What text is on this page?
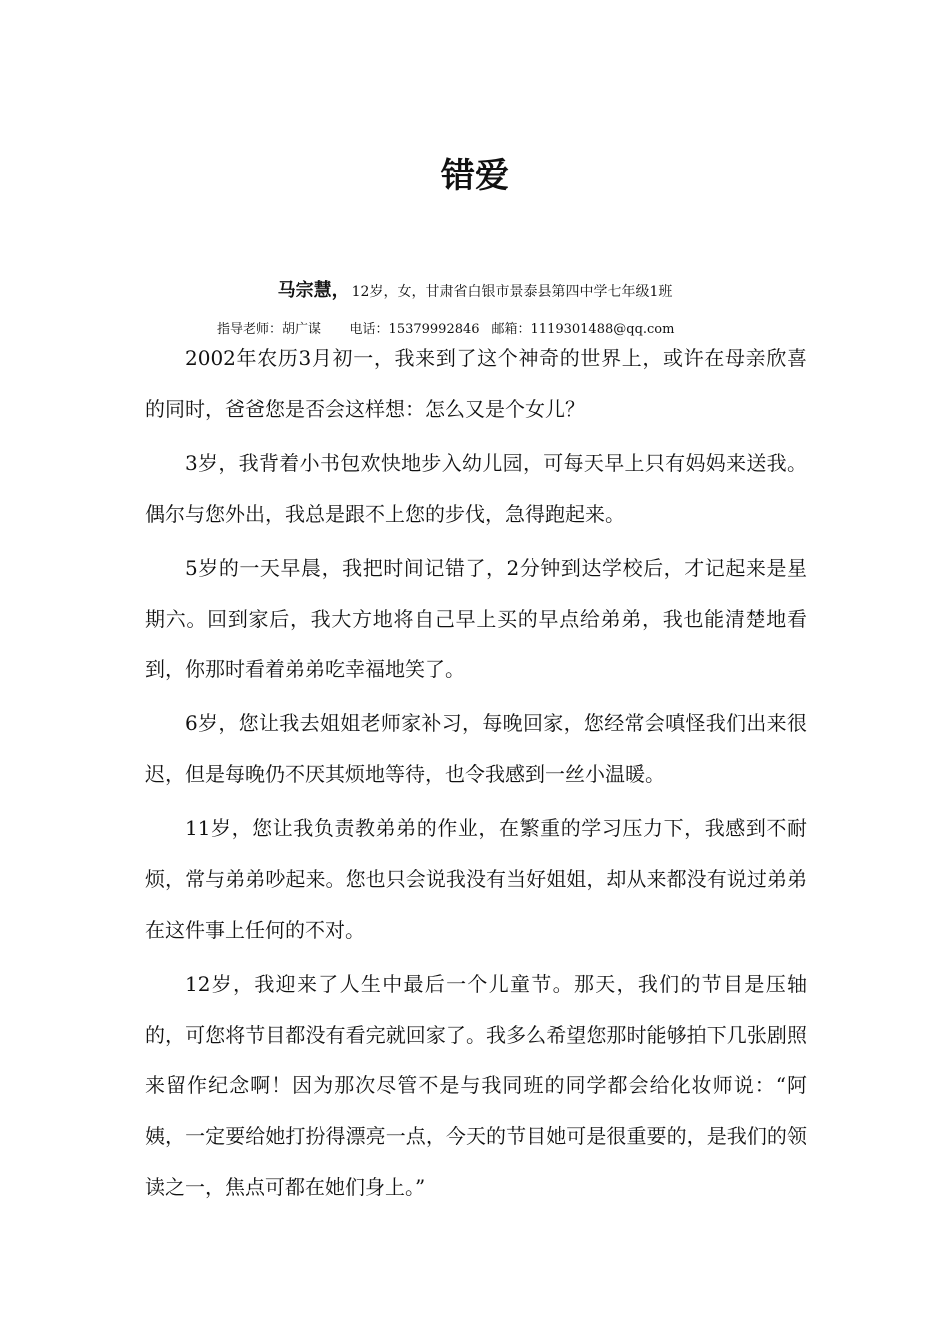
错爱
马宗慧， 12岁，女，甘肃省白银市景泰县第四中学七年级1班
指导老师：胡广谋 电话：15379992846 邮箱：1119301488@qq.com

2002年农历3月初一，我来到了这个神奇的世界上，或许在母亲欣喜的同时，爸爸您是否会这样想：怎么又是个女儿？

3岁，我背着小书包欢快地步入幼儿园，可每天早上只有妈妈来送我。偶尔与您外出，我总是跟不上您的步伐，急得跑起来。

5岁的一天早晨，我把时间记错了，2分钟到达学校后，才记起来是星期六。回到家后，我大方地将自己早上买的早点给弟弟，我也能清楚地看到，你那时看着弟弟吃幸福地笑了。

6岁，您让我去姐姐老师家补习，每晚回家，您经常会嗔怪我们出来很迟，但是每晚仍不厌其烦地等待，也令我感到一丝小温暖。

11岁，您让我负责教弟弟的作业，在繁重的学习压力下，我感到不耐烦，常与弟弟吵起来。您也只会说我没有当好姐姐，却从来都没有说过弟弟在这件事上任何的不对。

12岁，我迎来了人生中最后一个儿童节。那天，我们的节目是压轴的，可您将节目都没有看完就回家了。我多么希望您那时能够拍下几张剧照来留作纪念啊！因为那次尽管不是与我同班的同学都会给化妆师说：“阿姨，一定要给她打扮得漂亮一点，今天的节目她可是很重要的，是我们的领读之一，焦点可都在她们身上。”
